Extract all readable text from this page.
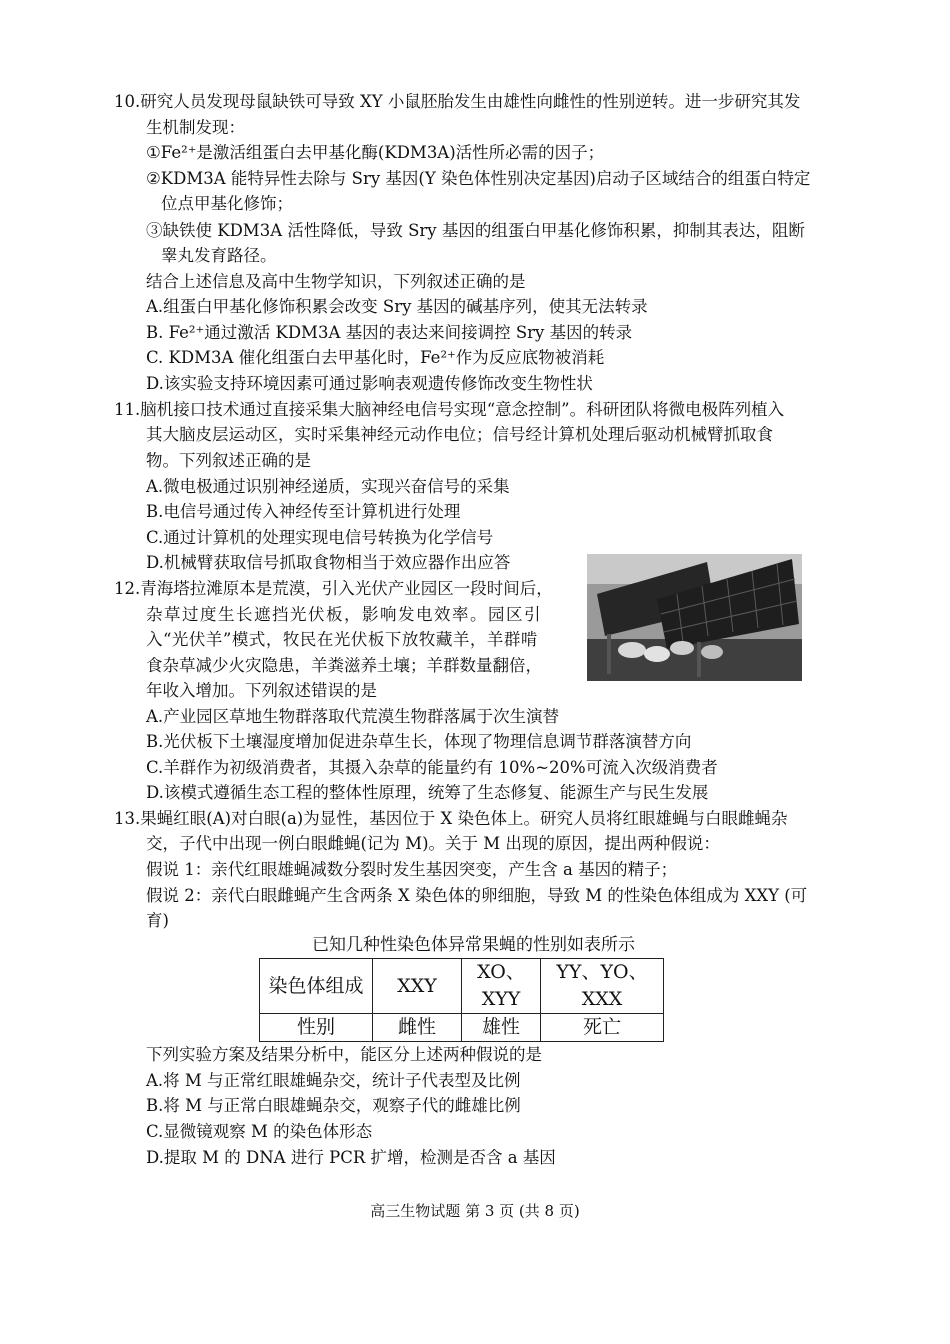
10.研究人员发现母鼠缺铁可导致 XY 小鼠胚胎发生由雄性向雌性的性别逆转。进一步研究其发
生机制发现：
①Fe²⁺是激活组蛋白去甲基化酶(KDM3A)活性所必需的因子；
②KDM3A 能特异性去除与 Sry 基因(Y 染色体性别决定基因)启动子区域结合的组蛋白特定
位点甲基化修饰；
③缺铁使 KDM3A 活性降低，导致 Sry 基因的组蛋白甲基化修饰积累，抑制其表达，阻断
睾丸发育路径。
结合上述信息及高中生物学知识，下列叙述正确的是
A.组蛋白甲基化修饰积累会改变 Sry 基因的碱基序列，使其无法转录
B. Fe²⁺通过激活 KDM3A 基因的表达来间接调控 Sry 基因的转录
C. KDM3A 催化组蛋白去甲基化时，Fe²⁺作为反应底物被消耗
D.该实验支持环境因素可通过影响表观遗传修饰改变生物性状
11.脑机接口技术通过直接采集大脑神经电信号实现“意念控制”。科研团队将微电极阵列植入
其大脑皮层运动区，实时采集神经元动作电位；信号经计算机处理后驱动机械臂抓取食
物。下列叙述正确的是
A.微电极通过识别神经递质，实现兴奋信号的采集
B.电信号通过传入神经传至计算机进行处理
C.通过计算机的处理实现电信号转换为化学信号
D.机械臂获取信号抓取食物相当于效应器作出应答
12.青海塔拉滩原本是荒漠，引入光伏产业园区一段时间后，
杂草过度生长遮挡光伏板，影响发电效率。园区引
入“光伏羊”模式，牧民在光伏板下放牧藏羊，羊群啃
食杂草减少火灾隐患，羊粪滋养土壤；羊群数量翻倍，
年收入增加。下列叙述错误的是
A.产业园区草地生物群落取代荒漠生物群落属于次生演替
B.光伏板下土壤湿度增加促进杂草生长，体现了物理信息调节群落演替方向
C.羊群作为初级消费者，其摄入杂草的能量约有 10%~20%可流入次级消费者
D.该模式遵循生态工程的整体性原理，统筹了生态修复、能源生产与民生发展
13.果蝇红眼(A)对白眼(a)为显性，基因位于 X 染色体上。研究人员将红眼雄蝇与白眼雌蝇杂
交，子代中出现一例白眼雌蝇(记为 M)。关于 M 出现的原因，提出两种假说：
假说 1：亲代红眼雄蝇减数分裂时发生基因突变，产生含 a 基因的精子；
假说 2：亲代白眼雌蝇产生含两条 X 染色体的卵细胞，导致 M 的性染色体组成为 XXY (可
育)
已知几种性染色体异常果蝇的性别如表所示
染色体组成	XXY	XO、XYY	YY、YO、XXX
性别	雌性	雄性	死亡
下列实验方案及结果分析中，能区分上述两种假说的是
A.将 M 与正常红眼雄蝇杂交，统计子代表型及比例
B.将 M 与正常白眼雄蝇杂交，观察子代的雌雄比例
C.显微镜观察 M 的染色体形态
D.提取 M 的 DNA 进行 PCR 扩增，检测是否含 a 基因
高三生物试题 第 3 页 (共 8 页)
